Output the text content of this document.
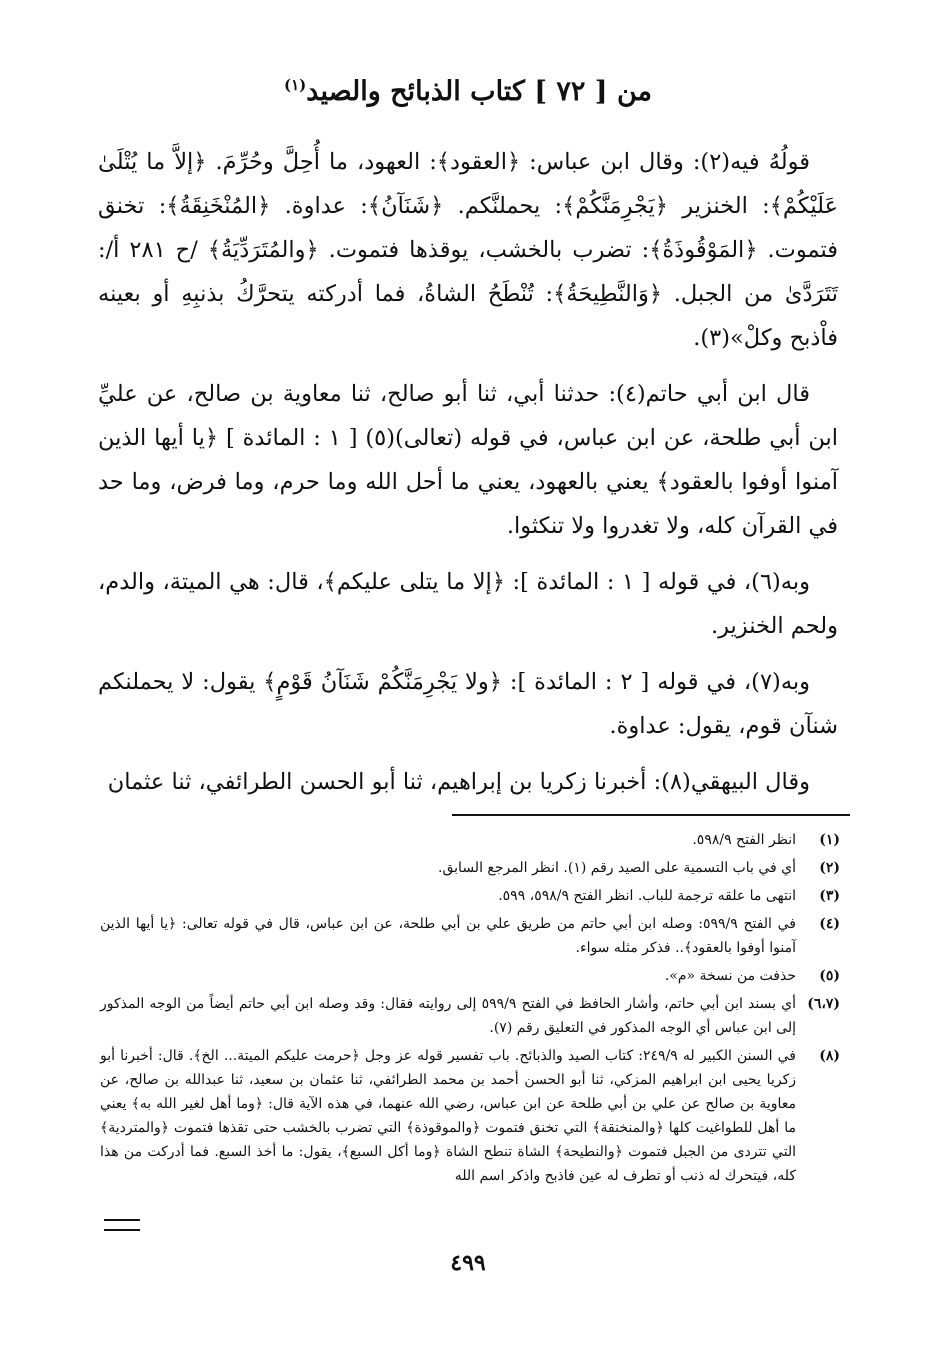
من [ ٧٢ ] كتاب الذبائح والصيد$^{(١)}$

قولُهُ فيه(٢): وقال ابن عباس: ﴿العقود﴾: العهود، ما أُحِلَّ وحُرِّمَ. ﴿إلاَّ ما يُتْلَىٰ عَلَيْكُمْ﴾: الخنزير ﴿يَجْرِمَنَّكُمْ﴾: يحملنَّكم. ﴿شَنَآنُ﴾: عداوة. ﴿المُنْخَنِقَةُ﴾: تخنق فتموت. ﴿المَوْقُوذَةُ﴾: تضرب بالخشب، يوقذها فتموت. ﴿والمُتَرَدِّيَةُ﴾ /ح ٢٨١ أ/: تَتَرَدَّىٰ من الجبل. ﴿وَالنَّطِيحَةُ﴾: تُنْطَحُ الشاةُ، فما أدركته يتحرَّكُ بذنبِهِ أو بعينه فاْذبح وكلْ»(٣).

قال ابن أبي حاتم(٤): حدثنا أبي، ثنا أبو صالح، ثنا معاوية بن صالح، عن عليِّ ابن أبي طلحة، عن ابن عباس، في قوله (تعالى)(٥) [ ١ : المائدة ] ﴿يا أيها الذين آمنوا أوفوا بالعقود﴾ يعني بالعهود، يعني ما أحل الله وما حرم، وما فرض، وما حد في القرآن كله، ولا تغدروا ولا تنكثوا.

وبه(٦)، في قوله [ ١ : المائدة ]: ﴿إلا ما يتلى عليكم﴾، قال: هي الميتة، والدم، ولحم الخنزير.

وبه(٧)، في قوله [ ٢ : المائدة ]: ﴿ولا يَجْرِمَنَّكُمْ شَنَآنُ قَوْمٍ﴾ يقول: لا يحملنكم شنآن قوم، يقول: عداوة.

وقال البيهقي(٨): أخبرنا زكريا بن إبراهيم، ثنا أبو الحسن الطرائفي، ثنا عثمان

(١)
انظر الفتح ٥٩٨/٩.
(٢)
أي في باب التسمية على الصيد رقم (١). انظر المرجع السابق.
(٣)
انتهى ما علقه ترجمة للباب. انظر الفتح ٥٩٨/٩، ٥٩٩.
(٤)
في الفتح ٥٩٩/٩: وصله ابن أبي حاتم من طريق علي بن أبي طلحة، عن ابن عباس، قال في قوله تعالى: ﴿يا أيها الذين آمنوا أوفوا بالعقود﴾.. فذكر مثله سواء.
(٥)
حذفت من نسخة «م».
(٦،٧)
أي بسند ابن أبي حاتم، وأشار الحافظ في الفتح ٥٩٩/٩ إلى روايته فقال: وقد وصله ابن أبي حاتم أيضاً من الوجه المذكور إلى ابن عباس أي الوجه المذكور في التعليق رقم (٧).
(٨)
في السنن الكبير له ٢٤٩/٩: كتاب الصيد والذبائح. باب تفسير قوله عز وجل ﴿حرمت عليكم الميتة... الخ﴾. قال: أخبرنا أبو زكريا يحيى ابن ابراهيم المزكي، ثنا أبو الحسن أحمد بن محمد الطرائفي، ثنا عثمان بن سعيد، ثنا عبدالله بن صالح، عن معاوية بن صالح عن علي بن أبي طلحة عن ابن عباس، رضي الله عنهما، في هذه الآية قال: ﴿وما أهل لغير الله به﴾ يعني ما أهل للطواغيت كلها ﴿والمنخنقة﴾ التي تخنق فتموت ﴿والموقوذة﴾ التي تضرب بالخشب حتى تقذها فتموت ﴿والمتردية﴾ التي تتردى من الجبل فتموت ﴿والنطيحة﴾ الشاة تنطح الشاة ﴿وما أكل السبع﴾، يقول: ما أخذ السبع. فما أدركت من هذا كله، فيتحرك له ذنب أو تطرف له عين فاذبح واذكر اسم الله
٤٩٩
